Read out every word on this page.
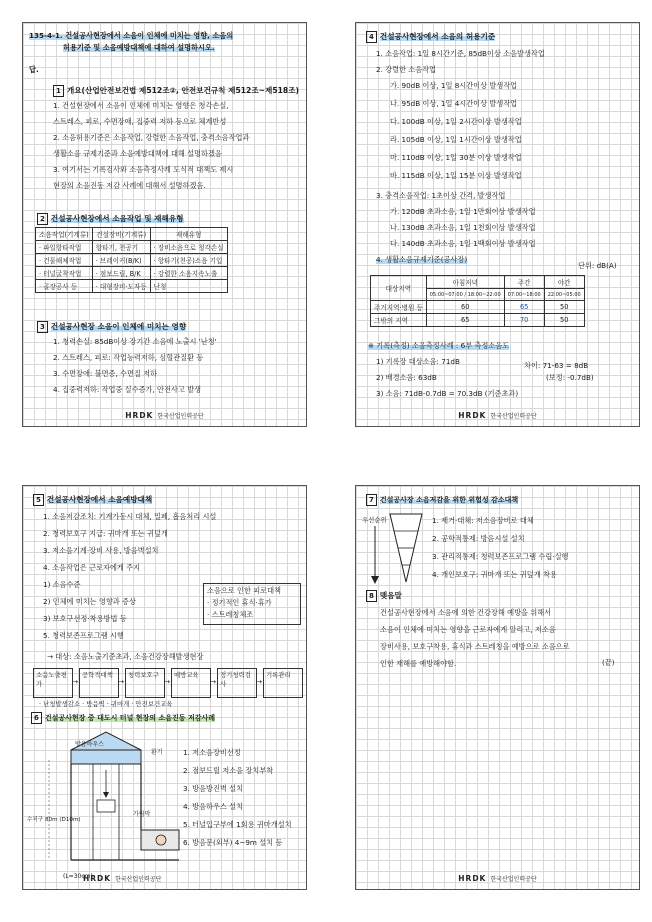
135-4-1. 건설공사현장에서 소음이 인체에 미치는 영향, 소음의
허용기준 및 소음예방대책에 대하여 설명하시오.
답.
1 개요(산업안전보건법 제512조②, 안전보건규칙 제512조~제518조)
1. 건설현장에서 소음이 인체에 미치는 영향은 청각손실,
스트레스, 피로, 수면장애, 집중력 저하 등으로 체계반성
2. 소음허용기준은 소음작업, 강렬한 소음작업, 충격소음작업과
생활소음 규제기준과 소음예방대책에 대해 설명하겠음
3. 여기서는 기록검사와 소음측정사례 도식적 대책도 제시
현장의 소음진동 저감 사례에 대해서 설명하겠음.
2 건설공사현장에서 소음작업 및 재해유형
소음작업(기계류)	건설장비(기계류)	재해유형
· 파일항타작업	항타기, 천공기	· 장비소음으로 청각손실
· 건물해체작업	· 브레이커(B/K)	· 항타기(천공)소음 기입
· 터널굴착작업	· 점보드릴, B/K	· 강렬한 소음지속노출
· 골장공사 등	· 대형장비·도자등	난청
3 건설공사현장 소음이 인체에 미치는 영향
1. 청력손실: 85dB이상 장기간 소음에 노출시 '난청'
2. 스트레스, 피로: 작업능력저하, 심혈관질환 등
3. 수면장애: 불면증, 수면질 저하
4. 집중력저하: 작업중 실수증가, 안전사고 발생
HRDK 한국산업인력공단
4 건설공사현장에서 소음의 허용기준
1. 소음작업: 1일 8시간기준, 85dB이상 소음발생작업
2. 강렬한 소음작업
가. 90dB 이상, 1일 8시간이상 발생작업
나. 95dB 이상, 1일 4시간이상 발생작업
다. 100dB 이상, 1일 2시간이상 발생작업
라. 105dB 이상, 1일 1시간이상 발생작업
마. 110dB 이상, 1일 30분 이상 발생작업
바. 115dB 이상, 1일 15분 이상 발생작업
3. 충격소음작업: 1초이상 간격, 발생작업
가. 120dB 초과소음, 1일 1만회이상 발생작업
나. 130dB 초과소음, 1일 1천회이상 발생작업
다. 140dB 초과소음, 1일 1백회이상 발생작업
4. 생활소음규제기준(공사장)
단위: dB(A)
대상지역	아침저녁	주간	야간
	05:00~07:00 / 18:00~22:00	07:00~18:00	22:00~05:00
주거지역·병원 등	60	65	50
그밖의 지역	65	70	50
※ 기록(측정) 소음측정사례 : 6부 측정소음도
1) 기록장 대상소음: 71dB
2) 배경소음: 63dB
3) 소음: 71dB-0.7dB = 70.3dB (기준초과)
차이: 71-63 = 8dB
(보정: -0.7dB)
HRDK 한국산업인력공단
5 건설공사현장에서 소음예방대책
1. 소음저감조치: 기계가동시 대체, 밀폐, 흡음처리 시설
2. 청력보호구 지급: 귀마개 또는 귀덮개
3. 저소음기계·장비 사용, 방음벽설치
4. 소음작업은 근로자에게 주지
1) 소음수준
2) 인체에 미치는 영향과 증상
3) 보호구선정·착용방법 등
5. 청력보존프로그램 시행
소음으로 인한 피로대책
· 정기적인 휴식·휴가
· 스트레칭체조
→ 대상: 소음노출기준초과, 소음건강장해발생현장
소음노출평가	→
공학적대책
→
청력보호구
→
예방교육
→
정기청력검사	→
기록관리
· 난청발생감소 · 방음벽 · 귀마개 · 안전보건교육
6 건설공사현장 중 대도시 터널 현장의 소음진동 저감사례
방음하우스
환기
가림막
수직구 80m (D10m)
(L=30cm)
1. 저소음장비선정
2. 점보드릴 저소음 장치부착
3. 방음방진벽 설치
4. 방음하우스 설치
5. 터널입구부에 1회용 귀마개설치
6. 방음문(외부) 4~9m 설치 등
HRDK 한국산업인력공단
7 건설공사장 소음저감을 위한 위험성 감소대책
우선순위	1. 제거·대체: 저소음장비로 대체
2. 공학적통제: 방음시설 설치
3. 관리적통제: 청력보존프로그램 수립·실행
4. 개인보호구: 귀마개 또는 귀덮개 착용
8 맺음말
건설공사현장에서 소음에 의한 건강장해 예방을 위해서
소음이 인체에 미치는 영향을 근로자에게 알리고, 저소음
장비사용, 보호구착용, 휴식과 스트레칭을 예방으로 소음으로
인한 재해를 예방해야함.	(끝)
HRDK 한국산업인력공단
